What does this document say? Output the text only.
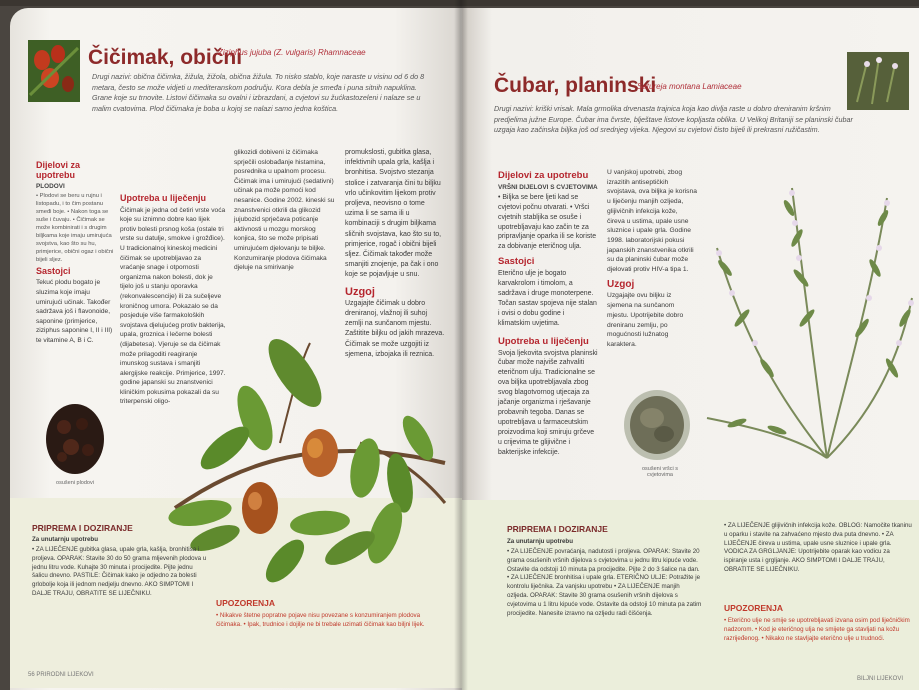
Čičimak, obični
Ziziphus jujuba (Z. vulgaris) Rhamnaceae
Drugi nazivi: obična čičimka, žižula, žižola, obična žižula. To nisko stablo, koje naraste u visinu od 6 do 8 metara, često se može vidjeti u mediteranskom području. Kora debla je smeđa i puna sitnih napuklina. Grane koje su trnovite. Listovi čičimaka su ovalni i izbrazdani, a cvjetovi su žućkastozeleni i nalaze se u malim cvatovima. Plod čičimaka je boba u kojoj se nalazi samo jedna koštica.
Dijelovi za upotrebu
PLODOVI
• Plodovi se beru u rujnu i listopadu, i to čim postanu smeđi boje. • Nakon toga se suše i čuvaju. • Čičimak se može kombinirati i s drugim biljkama koje imaju umirujuća svojstva, kao što su hu, primjerice, obični ogaz i obični bijeli sljez.
Sastojci
Tekuć plodu bogato je sluzima koje imaju umirujući učinak. Također sadržava još i flavonoide, saponine (primjerice, ziziphus saponine I, II i III) te vitamine A, B i C.
osušeni plodovi
Upotreba u liječenju
Čičimak je jedna od četiri vrste voća koje su iznimno dobre kao lijek protiv bolesti prsnog koša (ostale tri vrste su datulje, smokve i grožđice). U tradicionalnoj kineskoj medicini čičimak se upotrebljavao za vraćanje snage i otpornosti organizma nakon bolesti, dok je tijelo još u stanju oporavka (rekonvalescencije) ili za sučeljeve kroničnog umora. Pokazalo se da posjeduje više farmakoloških svojstava djelujućeg protiv bakterija, upala, groznica i lečerne bolesti (dijabetesa). Vjeruje se da čičimak može prilagoditi reagiranje imunskog sustava i smanjiti alergijske reakcije. Primjerice, 1997. godine japanski su znanstvenici kliničkim pokusima pokazali da su triterpenski oligo-
glikozidi dobiveni iz čičimaka sprječili oslobađanje histamina, posrednika u upalnom procesu. Čičimak ima i umirujući (sedativni) učinak pa može pomoći kod nesanice. Godine 2002. kineski su znanstvenici otkrili da glikozid jujubozid sprječava poticanje aktivnosti u mozgu morskog konjica, što se može pripisati umirujućem djelovanju te biljke. Konzumiranje plodova čičimaka djeluje na smirivanje
promukslosti, gubitka glasa, infektivnih upala grla, kašlja i bronhitisa. Svojstvo stezanja stolice i zatvaranja čini tu biljku vrlo učinkovitim lijekom protiv proljeva, neovisno o tome uzima li se sama ili u kombinaciji s drugim biljkama sličnih svojstava, kao što su to, primjerice, rogač i obični bijeli sljez. Čičimak također može smanjiti znojenje, pa čak i ono koje se pojavljuje u snu.
Uzgoj
Uzgajajte čičimak u dobro dreniranoj, vlažnoj ili suhoj zemlji na sunčanom mjestu. Zaštitite biljku od jakih mrazeva. Čičimak se može uzgojiti iz sjemena, izbojaka ili reznica.
PRIPREMA I DOZIRANJE
Za unutarnju upotrebu
• ZA LIJEČENJE gubitka glasa, upale grla, kašlja, bronhitisa i proljeva. OPARAK: Stavite 30 do 50 grama mljevenih plodova u jednu litru vode. Kuhajte 30 minuta i procijedite. Pijte jednu šalicu dnevno. PASTILE: Čičimak kako je odjedno za bolesti grlobolje koja ili jednom nedjelju dnevno. AKO SIMPTOMI I DALJE TRAJU, OBRATITE SE LIJEČNIKU.
UPOZORENJA
• Nikakve štetne popratne pojave nisu povezane s konzumiranjem plodova čičimaka. • Ipak, trudnice i dojilje ne bi trebale uzimati čičimak kao biljni lijek.
56 PRIRODNI LIJEKOVI
Čubar, planinski
Satureja montana Lamiaceae
Drugi nazivi: kriški vrisak. Mala grmolika drvenasta trajnica koja kao divlja raste u dobro dreniranim kršnim predjelima južne Europe. Čubar ima čvrste, blještave listove kopljasta oblika. U Velikoj Britaniji se planinski čubar uzgaja kao začinska biljka još od srednjeg vijeka. Njegovi su cvjetovi čisto bijeli ili prekrasni ružičastim.
Dijelovi za upotrebu
VRŠNI DIJELOVI S CVJETOVIMA
• Biljka se bere ljeti kad se cvjetovi počnu otvarati. • Vršci cvjetnih stabljika se osuše i upotrebljavaju kao začin te za pripravljanje oparka ili se koriste za dobivanje eteričnog ulja.
Sastojci
Eterično ulje je bogato karvakrolom i timolom, a sadržava i druge monoterpene. Točan sastav spojeva nije stalan i ovisi o dobu godine i klimatskim uvjetima.
Upotreba u liječenju
Svoja ljekovita svojstva planinski čubar može najviše zahvaliti eteričnom ulju. Tradicionalne se ova biljka upotrebljavala zbog svog blagotvornog utjecaja za jačanje organizma i rješavanje probavnih tegoba. Danas se upotrebljava u farmaceutskim proizvodima koji smiruju grčeve u crijevima te glijivične i bakterijske infekcije.
U vanjskoj upotrebi, zbog izrazitih antiseptičkih svojstava, ova biljka je korisna u liječenju manjih ozljeda, glijivičnih infekcija kože, čireva u ustima, upale usne sluznice i upale grla. Godine 1998. laboratorijski pokusi japanskih znanstvenika otkrili su da planinski čubar može djelovati protiv HIV-a tipa 1.
Uzgoj
Uzgajajte ovu biljku iz sjemena na sunčanom mjestu. Upotrijebite dobro dreniranu zemlju, po mogućnosti lužnatog karaktera.
osušeni vršci s cvjetovima
PRIPREMA I DOZIRANJE
Za unutarnju upotrebu
• ZA LIJEČENJE povraćanja, nadutosti i proljeva. OPARAK: Stavite 20 grama osušenih vršnih dijelova s cvjetovima u jednu litru kipuće vode. Ostavite da odstoji 10 minuta pa procijedite. Pijte 2 do 3 šalice na dan. • ZA LIJEČENJE bronhitisa i upale grla. ETERIČNO ULJE: Potražite je kontrolu liječnika. Za vanjsku upotrebu • ZA LIJEČENJE manjih ozljeda. OPARAK: Stavite 30 grama osušenih vršnih dijelova s cvjetovima u 1 litru kipuće vode. Ostavite da odstoji 10 minuta pa zatim procijedite. Nanesite izravno na ozljedu radi čišćenja.
• ZA LIJEČENJE glijivičnih infekcija kože. OBLOG: Namočite tkaninu u oparku i stavite na zahvaćeno mjesto dva puta dnevno. • ZA LIJEČENJE čireva u ustima, upale usne sluznice i upale grla. VODICA ZA GRGLJANJE: Upotrijebite oparak kao vodicu za ispiranje usta i grgljanje. AKO SIMPTOMI I DALJE TRAJU, OBRATITE SE LIJEČNIKU.
UPOZORENJA
• Eterično ulje ne smije se upotrebljavati izvana osim pod liječničkim nadzorom. • Kod je eteričnog ulja ne smijete ga stavljati na kožu razrijeđenog. • Nikako ne stavljajte eterično ulje u trudnoći.
BILJNI LIJEKOVI
